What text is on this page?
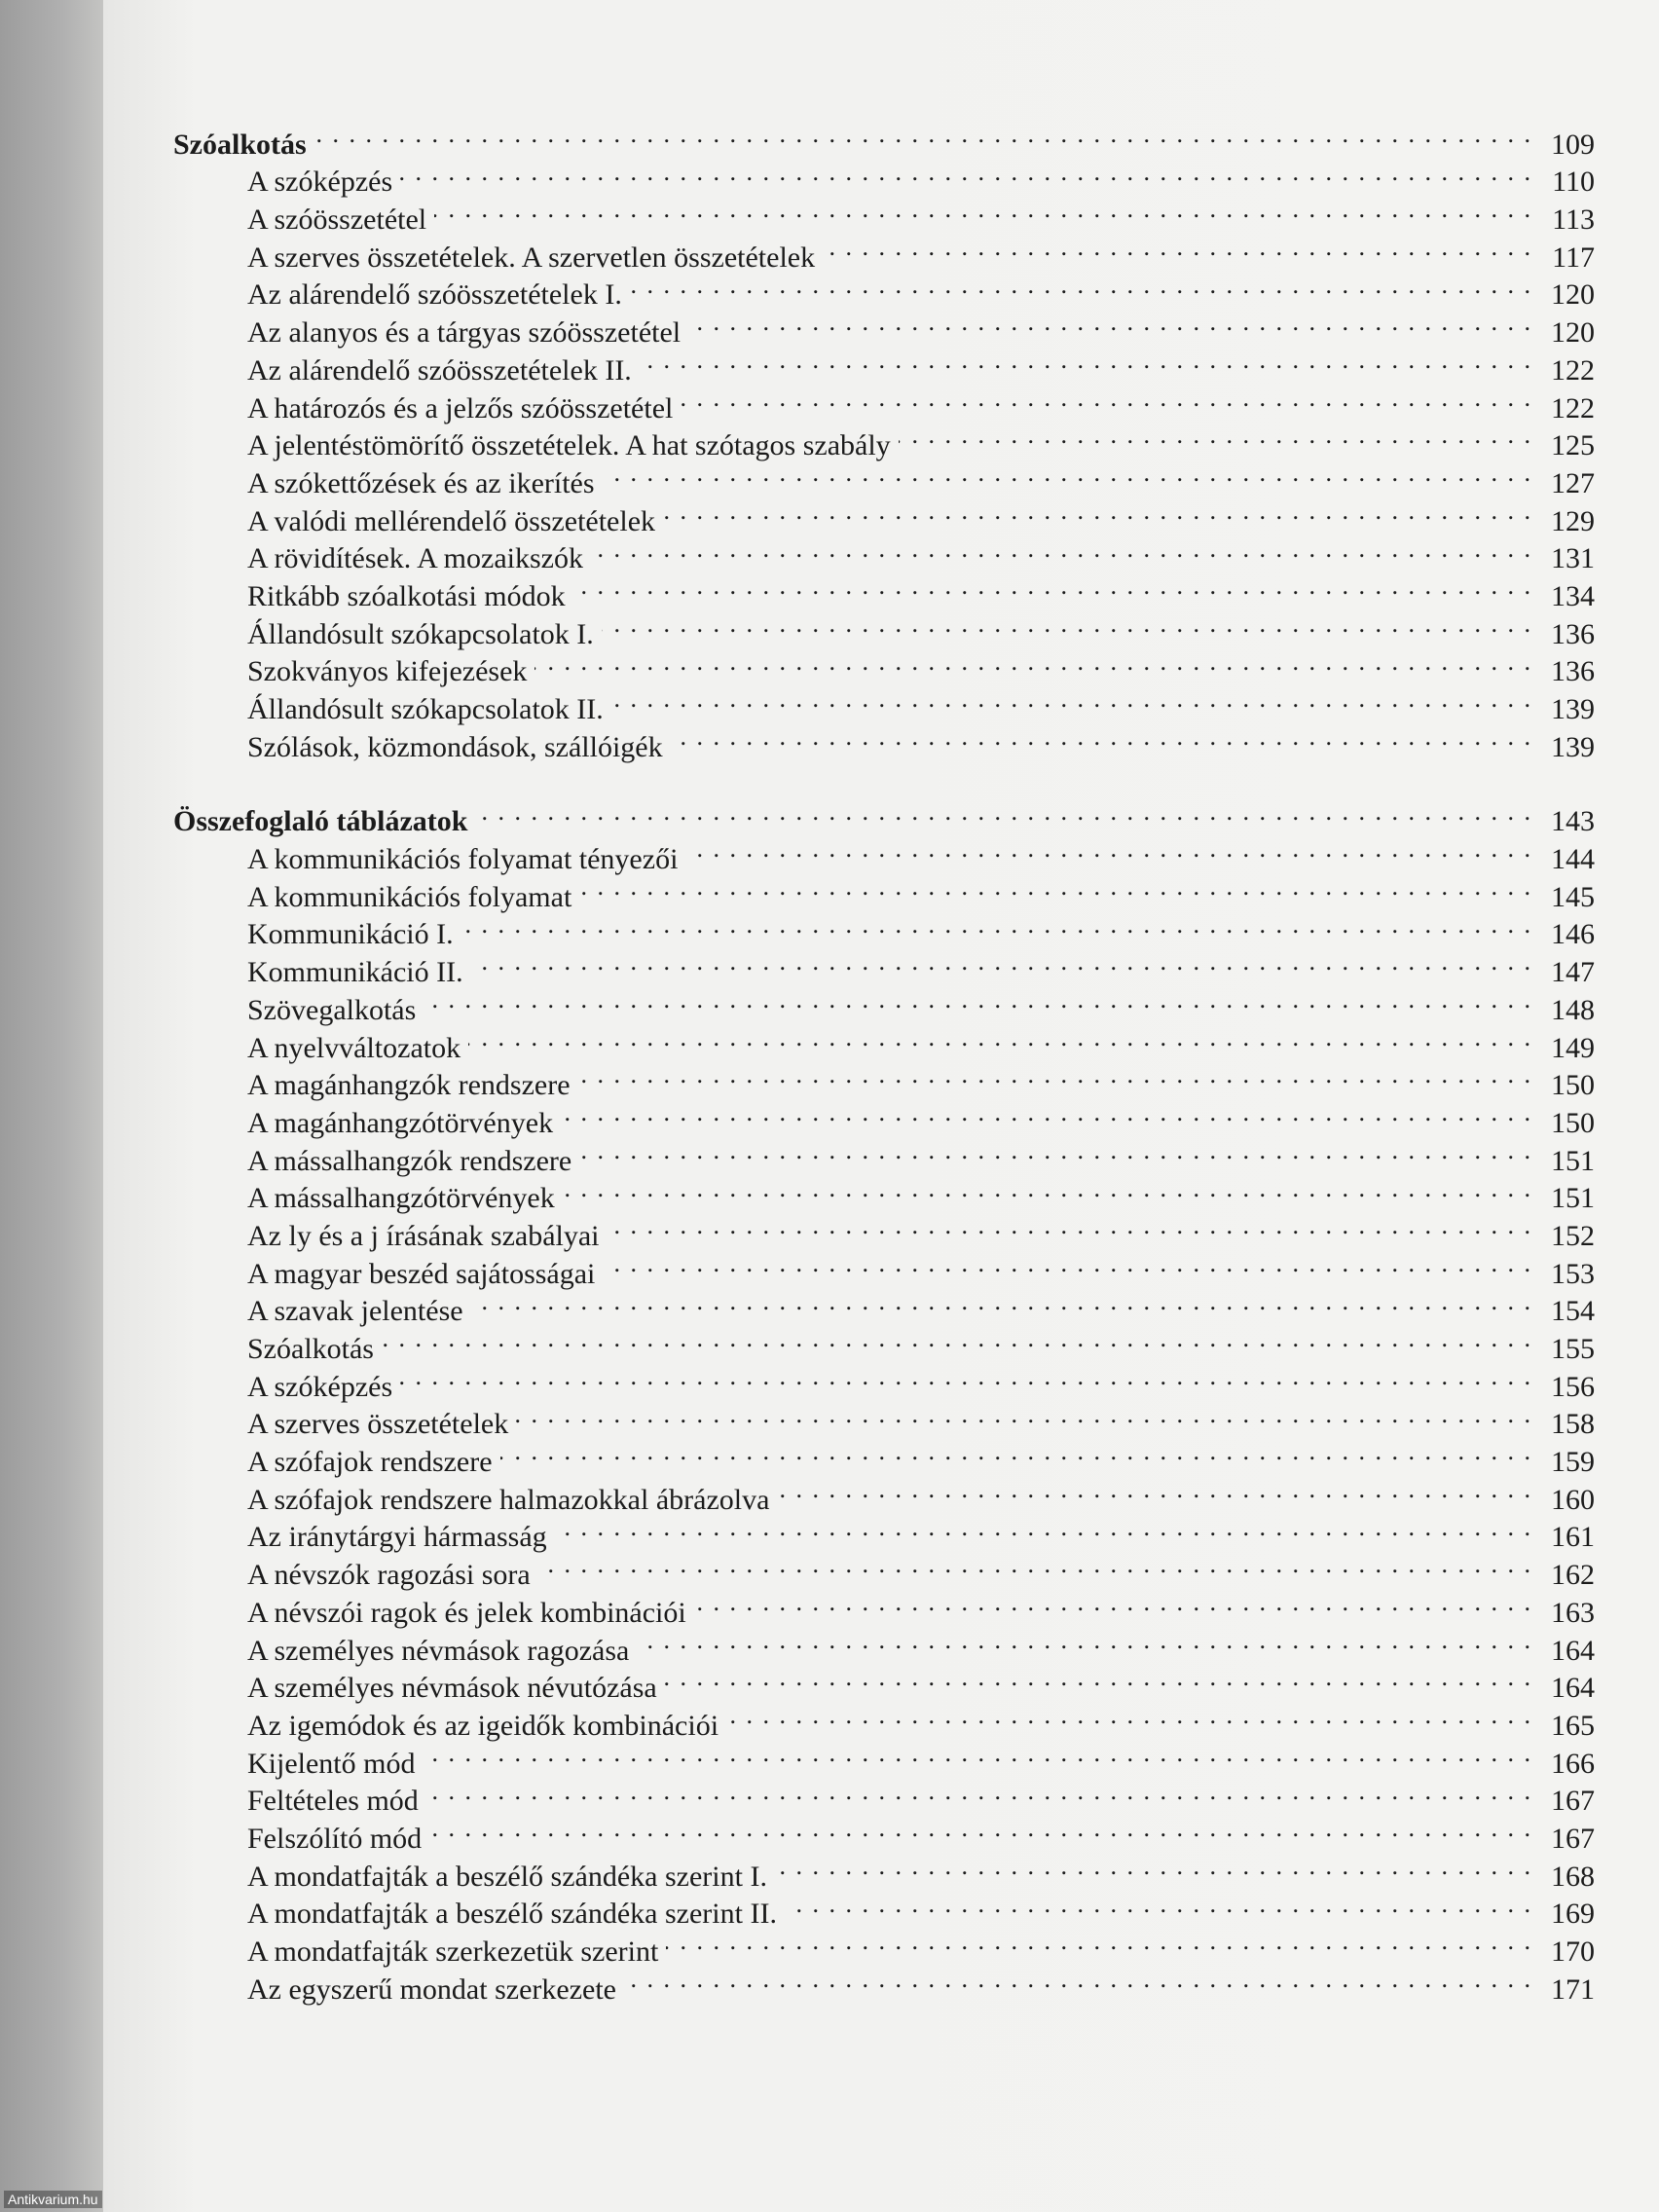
Szóalkotás . . .	109
A szóképzés . . .	110
A szóösszetétel . . .	113
A szerves összetételek. A szervetlen összetételek . . .	117
Az alárendelő szóösszetételek I. . . .	120
Az alanyos és a tárgyas szóösszetétel . . .	120
Az alárendelő szóösszetételek II. . . .	122
A határozós és a jelzős szóösszetétel . . .	122
A jelentéstömörítő összetételek. A hat szótagos szabály . . .	125
A szókettőzések és az ikerítés . . .	127
A valódi mellérendelő összetételek . . .	129
A rövidítések. A mozaikszók . . .	131
Ritkább szóalkotási módok . . .	134
Állandósult szókapcsolatok I. . . .	136
Szokványos kifejezések . . .	136
Állandósult szókapcsolatok II. . . .	139
Szólások, közmondások, szállóigék . . .	139
Összefoglaló táblázatok . . .	143
A kommunikációs folyamat tényezői . . .	144
A kommunikációs folyamat . . .	145
Kommunikáció I. . . .	146
Kommunikáció II. . . .	147
Szövegalkotás . . .	148
A nyelvváltozatok . . .	149
A magánhangzók rendszere . . .	150
A magánhangzótörvények . . .	150
A mássalhangzók rendszere . . .	151
A mássalhangzótörvények . . .	151
Az ly és a j írásának szabályai . . .	152
A magyar beszéd sajátosságai . . .	153
A szavak jelentése . . .	154
Szóalkotás . . .	155
A szóképzés . . .	156
A szerves összetételek . . .	158
A szófajok rendszere . . .	159
A szófajok rendszere halmazokkal ábrázolva . . .	160
Az iránytárgyi hármasság . . .	161
A névszók ragozási sora . . .	162
A névszói ragok és jelek kombinációi . . .	163
A személyes névmások ragozása . . .	164
A személyes névmások névutózása . . .	164
Az igemódok és az igeidők kombinációi . . .	165
Kijelentő mód . . .	166
Feltételes mód . . .	167
Felszólító mód . . .	167
A mondatfajták a beszélő szándéka szerint I. . . .	168
A mondatfajták a beszélő szándéka szerint II. . . .	169
A mondatfajták szerkezetük szerint . . .	170
Az egyszerű mondat szerkezete . . .	171
Antikvarium.hu
